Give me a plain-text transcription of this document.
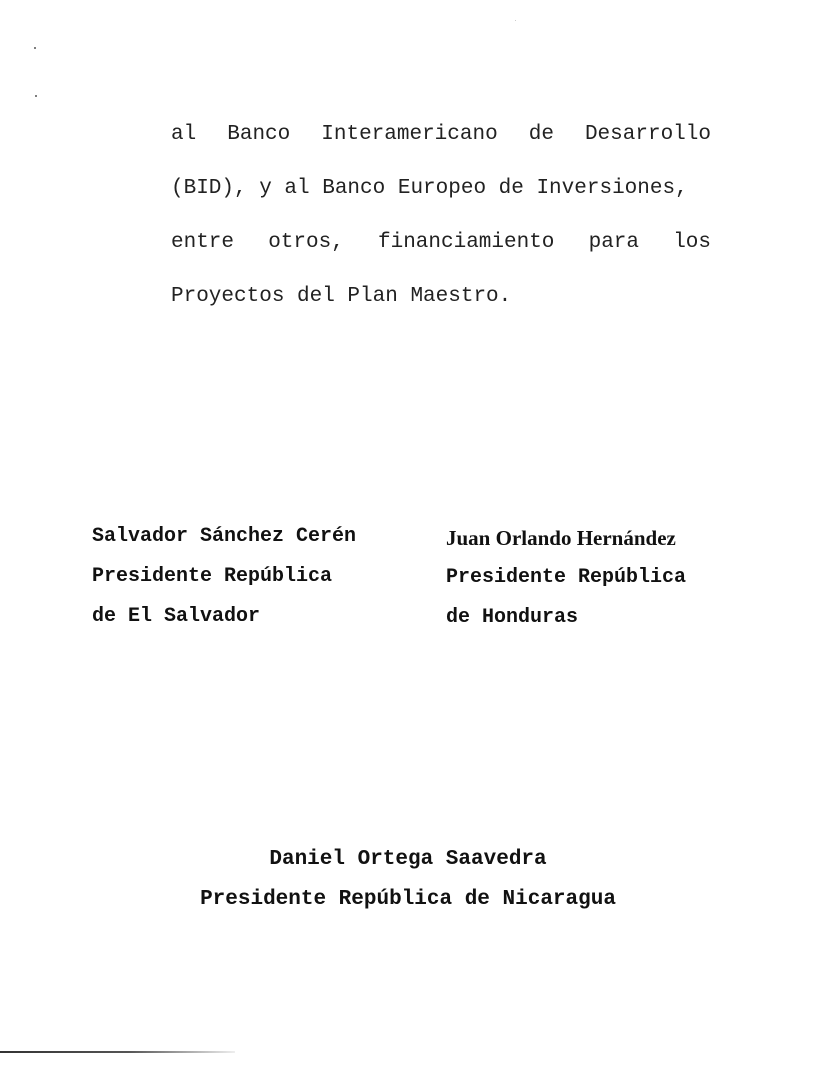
al Banco Interamericano de Desarrollo
(BID), y al Banco Europeo de Inversiones,
entre otros, financiamiento para los
Proyectos del Plan Maestro.
Salvador Sánchez Cerén
Presidente República
de El Salvador
Juan Orlando Hernández
Presidente República
de Honduras
Daniel Ortega Saavedra
Presidente República de Nicaragua
